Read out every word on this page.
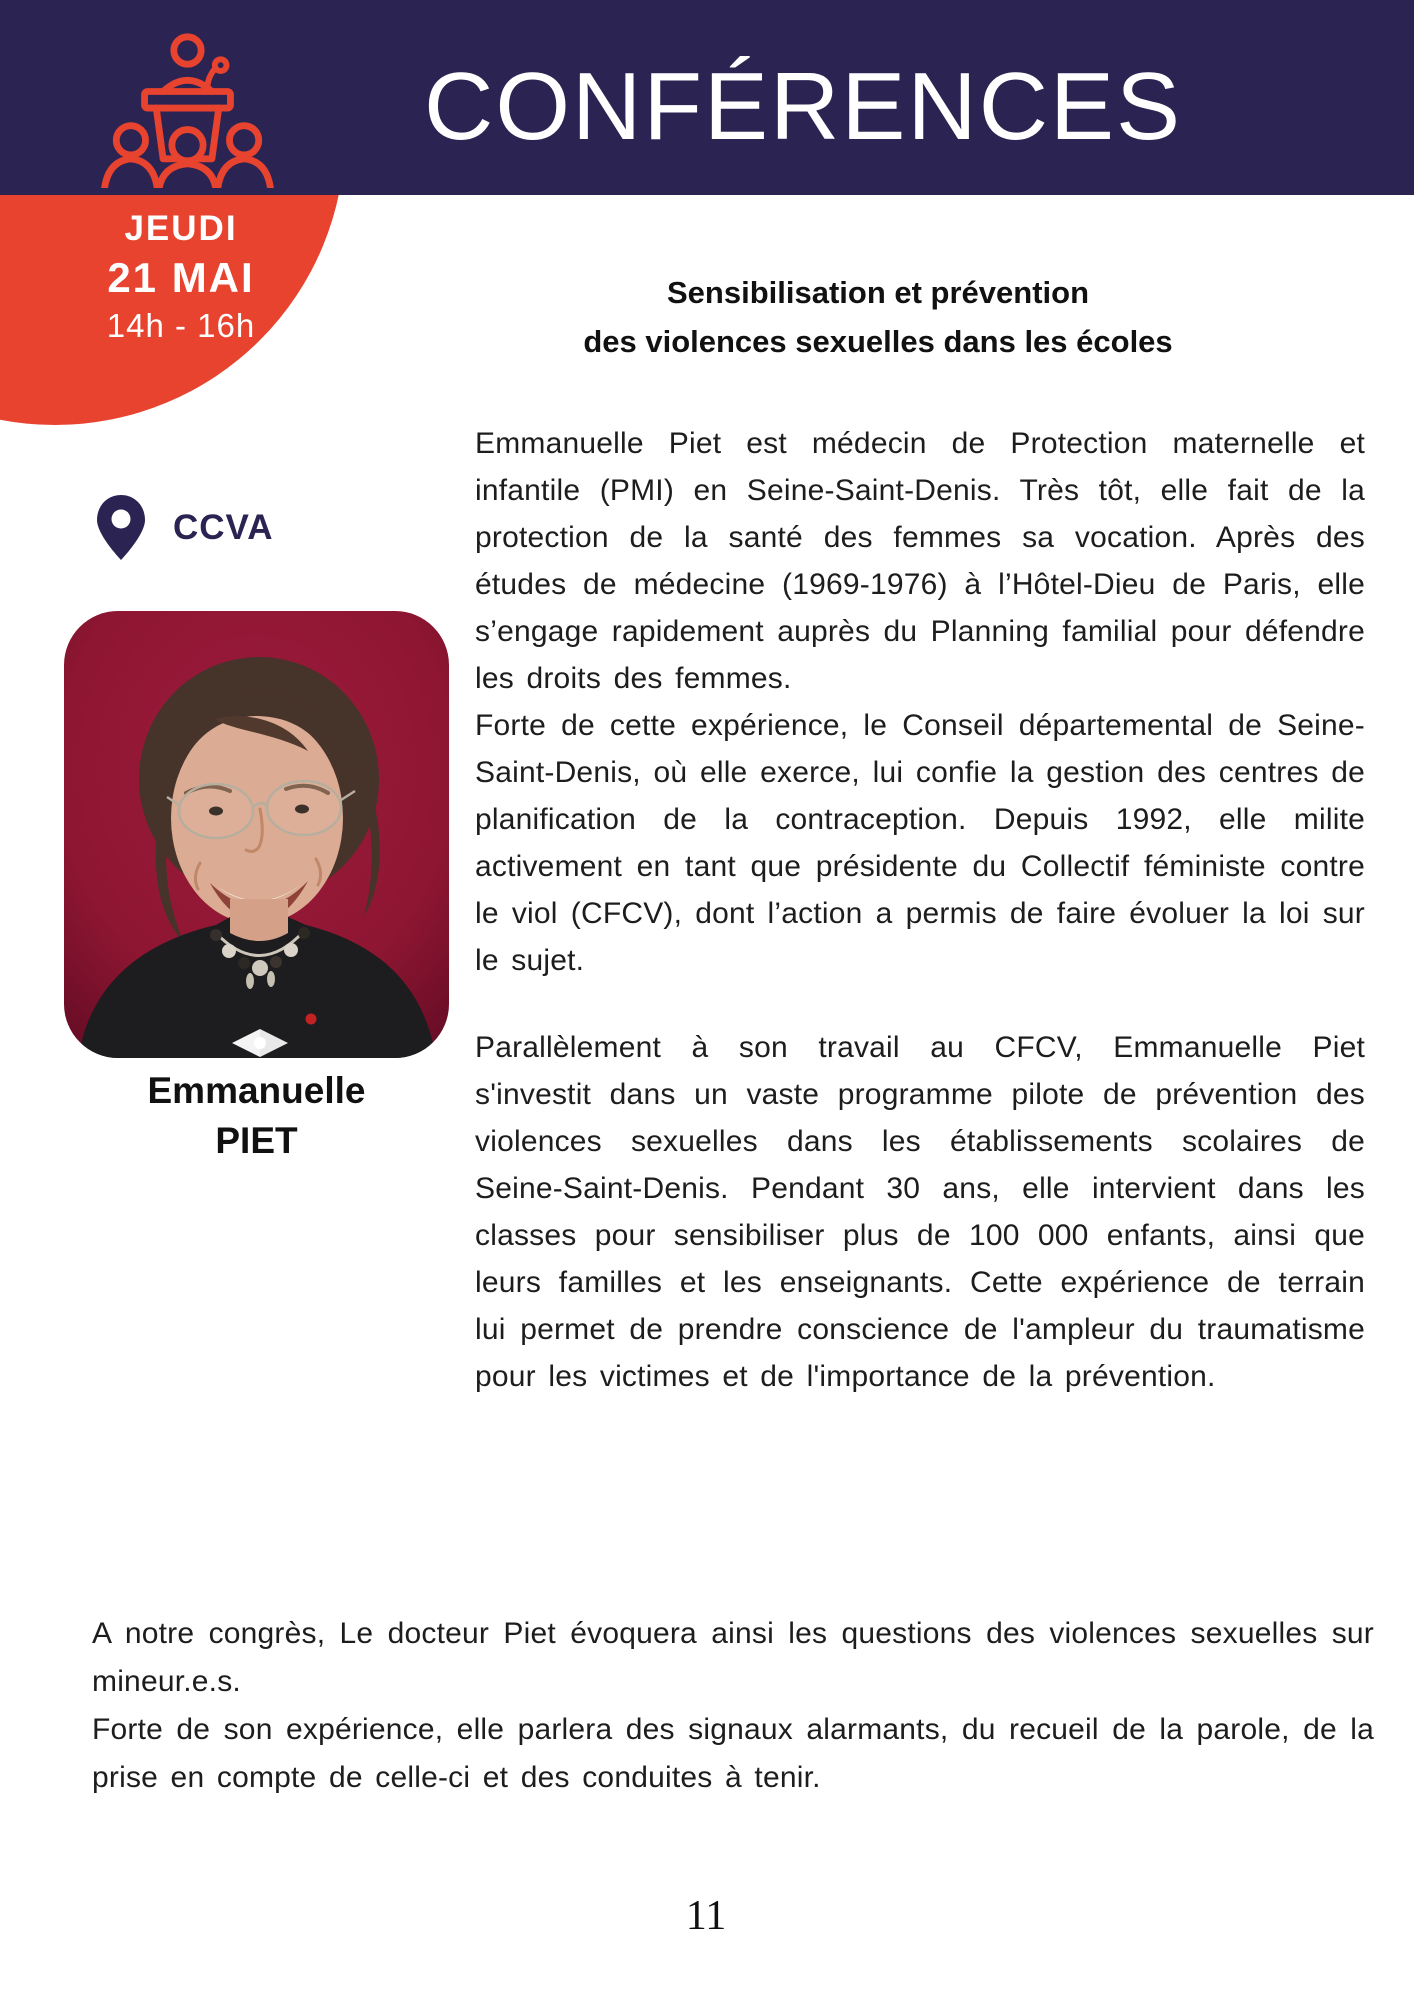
CONFÉRENCES
JEUDI
21 MAI
14h - 16h
CCVA
Emmanuelle
PIET
Sensibilisation et prévention
des violences sexuelles dans les écoles

Emmanuelle Piet est médecin de Protection maternelle et infantile (PMI) en Seine-Saint-Denis. Très tôt, elle fait de la protection de la santé des femmes sa vocation. Après des études de médecine (1969-1976) à l’Hôtel-Dieu de Paris, elle s’engage rapidement auprès du Planning familial pour défendre les droits des femmes.

Forte de cette expérience, le Conseil départemental de Seine-Saint-Denis, où elle exerce, lui confie la gestion des centres de planification de la contraception. Depuis 1992, elle milite activement en tant que présidente du Collectif féministe contre le viol (CFCV), dont l’action a permis de faire évoluer la loi sur le sujet.

Parallèlement à son travail au CFCV, Emmanuelle Piet s'investit dans un vaste programme pilote de prévention des violences sexuelles dans les établissements scolaires de Seine-Saint-Denis. Pendant 30 ans, elle intervient dans les classes pour sensibiliser plus de 100 000 enfants, ainsi que leurs familles et les enseignants. Cette expérience de terrain lui permet de prendre conscience de l'ampleur du traumatisme pour les victimes et de l'importance de la prévention.

A notre congrès, Le docteur Piet évoquera ainsi les questions des violences sexuelles sur mineur.e.s.

Forte de son expérience, elle parlera des signaux alarmants, du recueil de la parole, de la prise en compte de celle-ci et des conduites à tenir.

11
